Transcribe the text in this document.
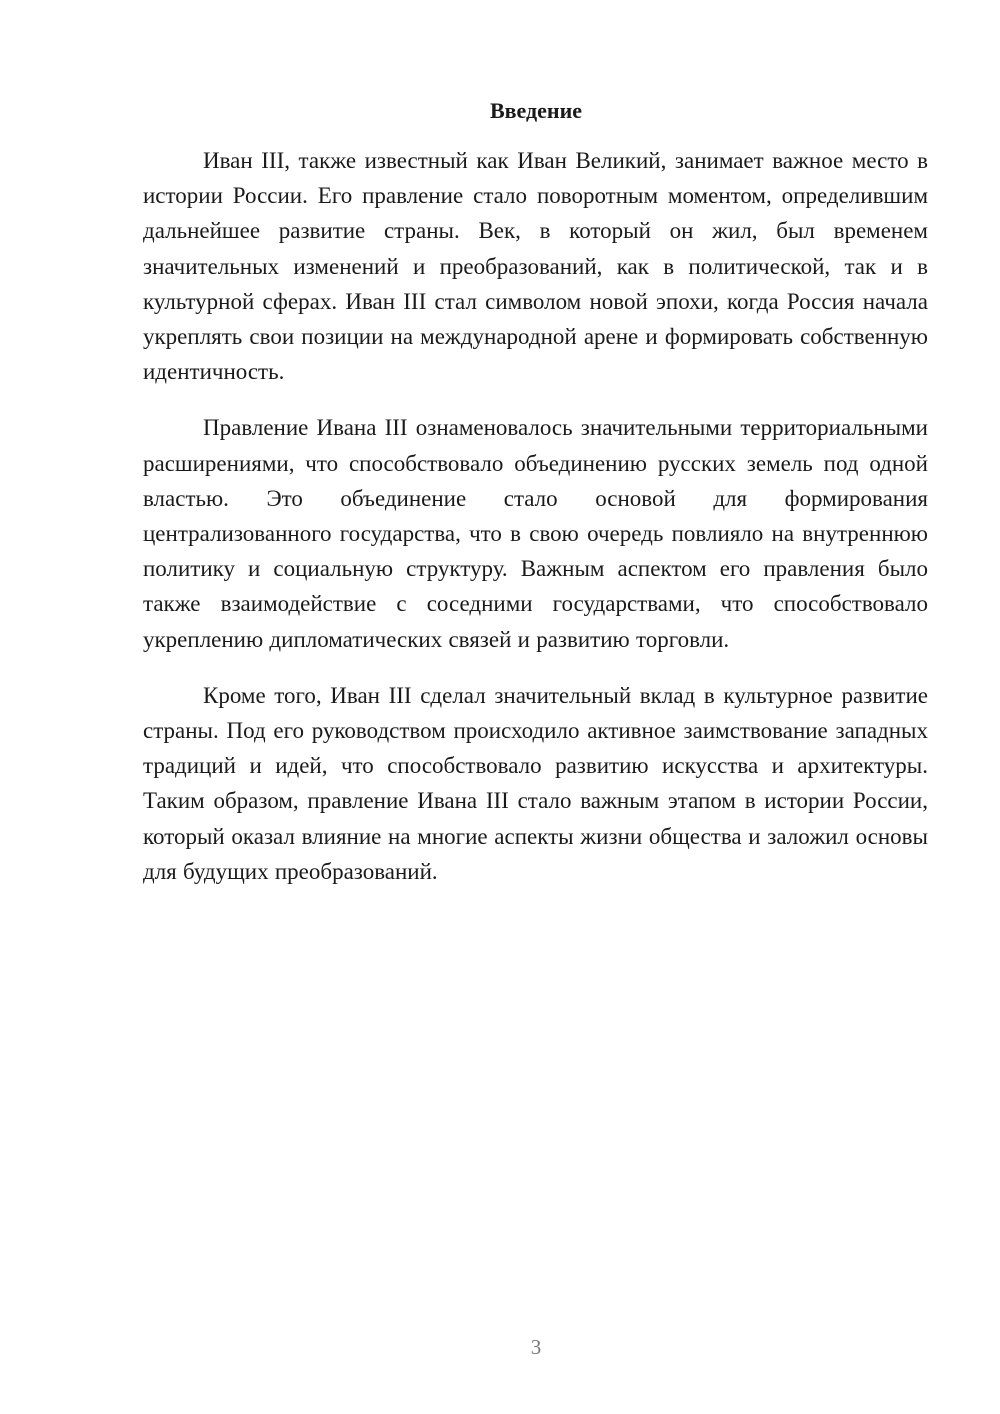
Введение

Иван III, также известный как Иван Великий, занимает важное место в истории России. Его правление стало поворотным моментом, определившим дальнейшее развитие страны. Век, в который он жил, был временем значительных изменений и преобразований, как в политической, так и в культурной сферах. Иван III стал символом новой эпохи, когда Россия начала укреплять свои позиции на международной арене и формировать собственную идентичность.

Правление Ивана III ознаменовалось значительными территориальными расширениями, что способствовало объединению русских земель под одной властью. Это объединение стало основой для формирования централизованного государства, что в свою очередь повлияло на внутреннюю политику и социальную структуру. Важным аспектом его правления было также взаимодействие с соседними государствами, что способствовало укреплению дипломатических связей и развитию торговли.

Кроме того, Иван III сделал значительный вклад в культурное развитие страны. Под его руководством происходило активное заимствование западных традиций и идей, что способствовало развитию искусства и архитектуры. Таким образом, правление Ивана III стало важным этапом в истории России, который оказал влияние на многие аспекты жизни общества и заложил основы для будущих преобразований.

3
